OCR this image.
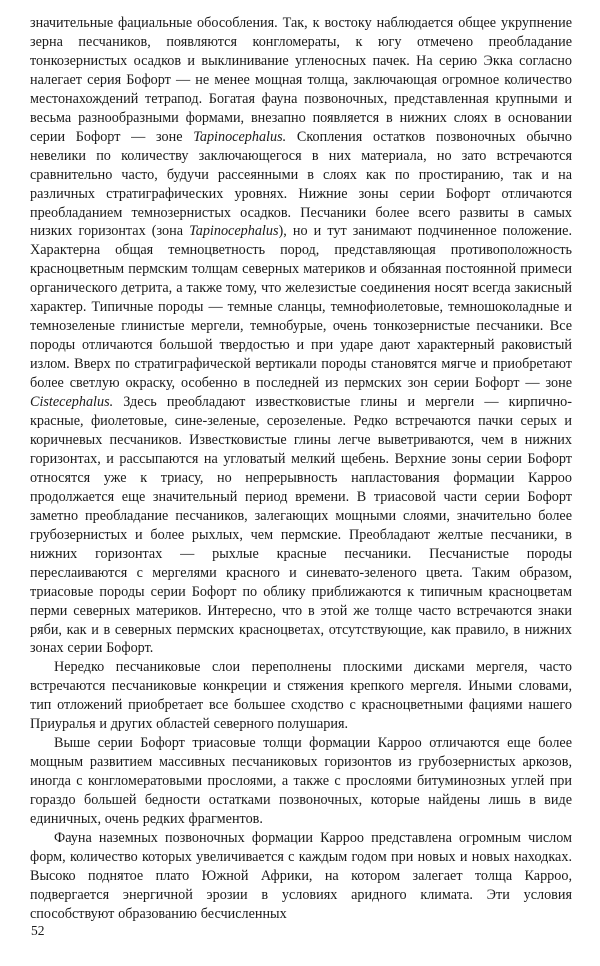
значительные фациальные обособления. Так, к востоку наблюдается общее укрупнение зерна песчаников, появляются конгломераты, к югу отмечено преобладание тонкозернистых осадков и выклинивание угленосных пачек. На серию Экка согласно налегает серия Бофорт — не менее мощная толща, заключающая огромное количество местонахождений тетрапод. Богатая фауна позвоночных, представленная крупными и весьма разнообразными формами, внезапно появляется в нижних слоях в основании серии Бофорт — зоне Tapinocephalus. Скопления остатков позвоночных обычно невелики по количеству заключающегося в них материала, но зато встречаются сравнительно часто, будучи рассеянными в слоях как по простиранию, так и на различных стратиграфических уровнях. Нижние зоны серии Бофорт отличаются преобладанием темнозернистых осадков. Песчаники более всего развиты в самых низких горизонтах (зона Tapinocephalus), но и тут занимают подчиненное положение. Характерна общая темноцветность пород, представляющая противоположность красноцветным пермским толщам северных материков и обязанная постоянной примеси органического детрита, а также тому, что железистые соединения носят всегда закисный характер. Типичные породы — темные сланцы, темнофиолетовые, темношоколадные и темнозеленые глинистые мергели, темнобурые, очень тонкозернистые песчаники. Все породы отличаются большой твердостью и при ударе дают характерный раковистый излом. Вверх по стратиграфической вертикали породы становятся мягче и приобретают более светлую окраску, особенно в последней из пермских зон серии Бофорт — зоне Cistecephalus. Здесь преобладают известковистые глины и мергели — кирпично-красные, фиолетовые, сине-зеленые, серозеленые. Редко встречаются пачки серых и коричневых песчаников. Известковистые глины легче выветриваются, чем в нижних горизонтах, и рассыпаются на угловатый мелкий щебень. Верхние зоны серии Бофорт относятся уже к триасу, но непрерывность напластования формации Карроо продолжается еще значительный период времени. В триасовой части серии Бофорт заметно преобладание песчаников, залегающих мощными слоями, значительно более грубозернистых и более рыхлых, чем пермские. Преобладают желтые песчаники, в нижних горизонтах — рыхлые красные песчаники. Песчанистые породы переслаиваются с мергелями красного и синевато-зеленого цвета. Таким образом, триасовые породы серии Бофорт по облику приближаются к типичным красноцветам перми северных материков. Интересно, что в этой же толще часто встречаются знаки ряби, как и в северных пермских красноцветах, отсутствующие, как правило, в нижних зонах серии Бофорт.

Нередко песчаниковые слои переполнены плоскими дисками мергеля, часто встречаются песчаниковые конкреции и стяжения крепкого мергеля. Иными словами, тип отложений приобретает все большее сходство с красноцветными фациями нашего Приуралья и других областей северного полушария.

Выше серии Бофорт триасовые толщи формации Карроо отличаются еще более мощным развитием массивных песчаниковых горизонтов из грубозернистых аркозов, иногда с конгломератовыми прослоями, а также с прослоями битуминозных углей при гораздо большей бедности остатками позвоночных, которые найдены лишь в виде единичных, очень редких фрагментов.

Фауна наземных позвоночных формации Карроо представлена огромным числом форм, количество которых увеличивается с каждым годом при новых и новых находках. Высоко поднятое плато Южной Африки, на котором залегает толща Карроо, подвергается энергичной эрозии в условиях аридного климата. Эти условия способствуют образованию бесчисленных

52
